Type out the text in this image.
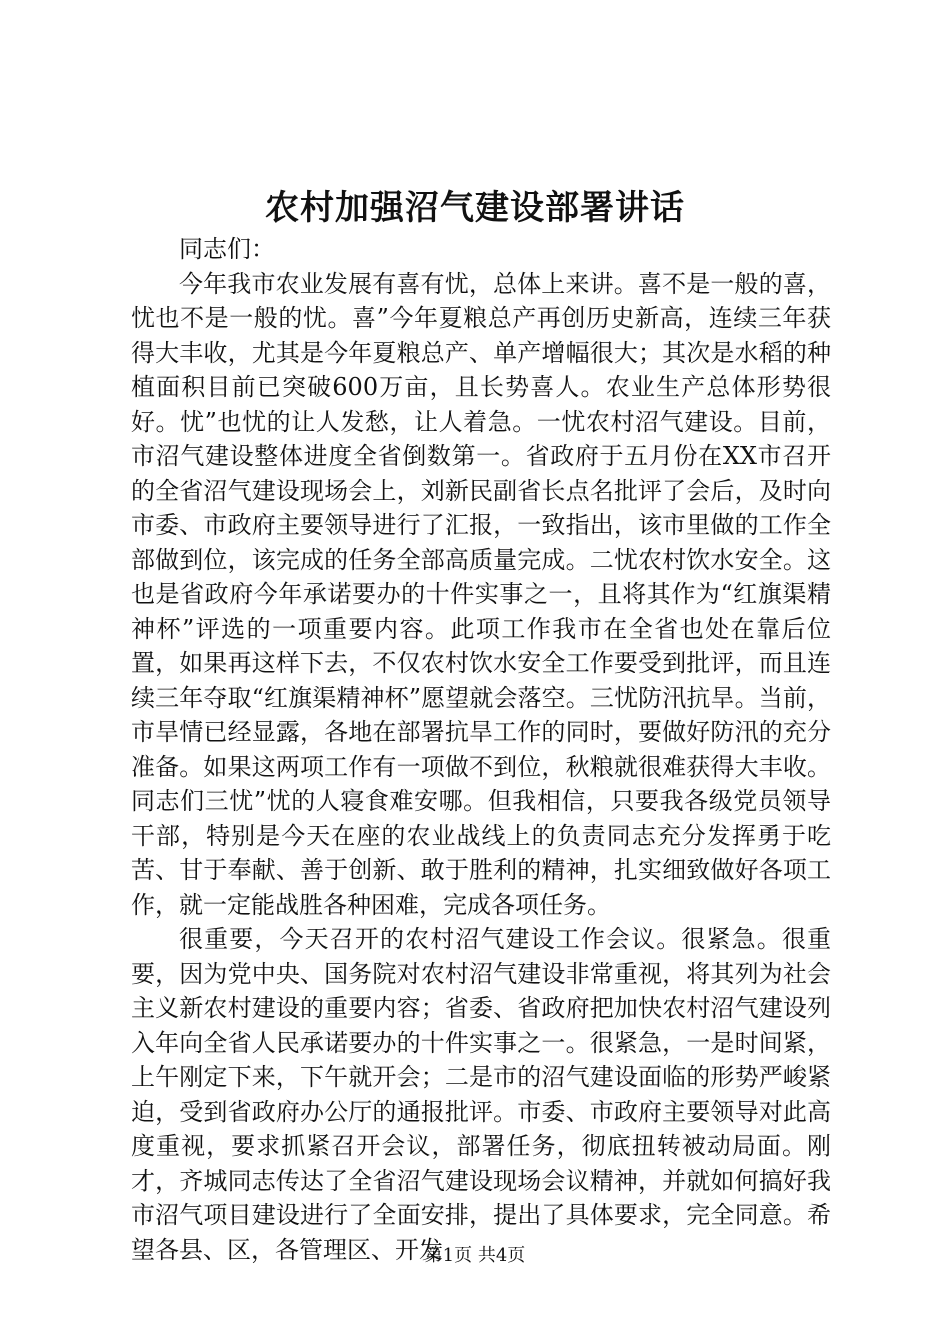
农村加强沼气建设部署讲话

同志们：

今年我市农业发展有喜有忧，总体上来讲。喜不是一般的喜，忧也不是一般的忧。喜”今年夏粮总产再创历史新高，连续三年获得大丰收，尤其是今年夏粮总产、单产增幅很大；其次是水稻的种植面积目前已突破600万亩，且长势喜人。农业生产总体形势很好。忧”也忧的让人发愁，让人着急。一忧农村沼气建设。目前，市沼气建设整体进度全省倒数第一。省政府于五月份在XX市召开的全省沼气建设现场会上，刘新民副省长点名批评了会后，及时向市委、市政府主要领导进行了汇报，一致指出，该市里做的工作全部做到位，该完成的任务全部高质量完成。二忧农村饮水安全。这也是省政府今年承诺要办的十件实事之一，且将其作为“红旗渠精神杯”评选的一项重要内容。此项工作我市在全省也处在靠后位置，如果再这样下去，不仅农村饮水安全工作要受到批评，而且连续三年夺取“红旗渠精神杯”愿望就会落空。三忧防汛抗旱。当前，市旱情已经显露，各地在部署抗旱工作的同时，要做好防汛的充分准备。如果这两项工作有一项做不到位，秋粮就很难获得大丰收。同志们三忧”忧的人寝食难安哪。但我相信，只要我各级党员领导干部，特别是今天在座的农业战线上的负责同志充分发挥勇于吃苦、甘于奉献、善于创新、敢于胜利的精神，扎实细致做好各项工作，就一定能战胜各种困难，完成各项任务。

很重要，今天召开的农村沼气建设工作会议。很紧急。很重要，因为党中央、国务院对农村沼气建设非常重视，将其列为社会主义新农村建设的重要内容；省委、省政府把加快农村沼气建设列入年向全省人民承诺要办的十件实事之一。很紧急，一是时间紧，上午刚定下来，下午就开会；二是市的沼气建设面临的形势严峻紧迫，受到省政府办公厅的通报批评。市委、市政府主要领导对此高度重视，要求抓紧召开会议，部署任务，彻底扭转被动局面。刚才，齐城同志传达了全省沼气建设现场会议精神，并就如何搞好我市沼气项目建设进行了全面安排，提出了具体要求，完全同意。希望各县、区，各管理区、开发

第1页 共4页
